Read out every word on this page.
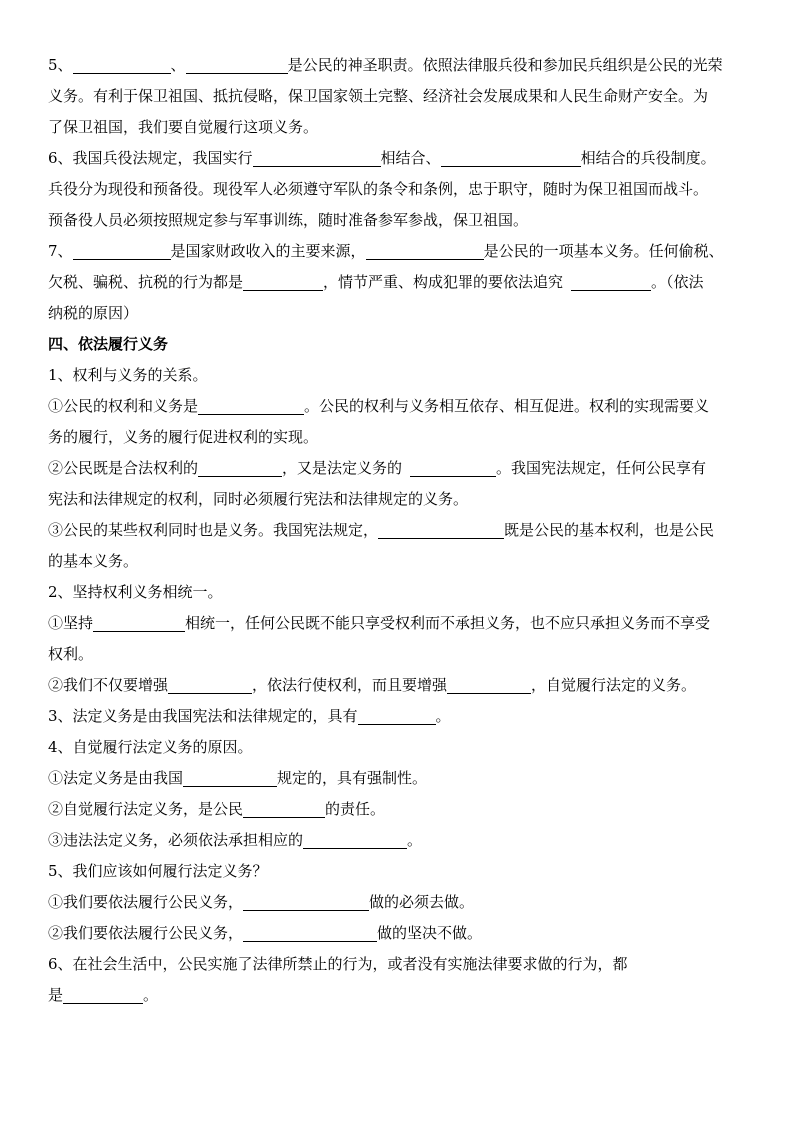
5、	、	是公民的神圣职责。依照法律服兵役和参加民兵组织是公民的光荣
义务。有利于保卫祖国、抵抗侵略，保卫国家领土完整、经济社会发展成果和人民生命财产安全。为
了保卫祖国，我们要自觉履行这项义务。
6、我国兵役法规定，我国实行	相结合、	相结合的兵役制度。
兵役分为现役和预备役。现役军人必须遵守军队的条令和条例，忠于职守，随时为保卫祖国而战斗。
预备役人员必须按照规定参与军事训练，随时准备参军参战，保卫祖国。
7、	是国家财政收入的主要来源，	是公民的一项基本义务。任何偷税、
欠税、骗税、抗税的行为都是	，情节严重、构成犯罪的要依法追究	。（依法
纳税的原因）
四、依法履行义务
1、权利与义务的关系。
①公民的权利和义务是	。公民的权利与义务相互依存、相互促进。权利的实现需要义
务的履行，义务的履行促进权利的实现。
②公民既是合法权利的	，又是法定义务的	。我国宪法规定，任何公民享有
宪法和法律规定的权利，同时必须履行宪法和法律规定的义务。
③公民的某些权利同时也是义务。我国宪法规定，	既是公民的基本权利，也是公民
的基本义务。
2、坚持权利义务相统一。
①坚持	相统一，任何公民既不能只享受权利而不承担义务，也不应只承担义务而不享受
权利。
②我们不仅要增强	，依法行使权利，而且要增强	，自觉履行法定的义务。
3、法定义务是由我国宪法和法律规定的，具有	。
4、自觉履行法定义务的原因。
①法定义务是由我国	规定的，具有强制性。
②自觉履行法定义务，是公民	的责任。
③违法法定义务，必须依法承担相应的	。
5、我们应该如何履行法定义务？
①我们要依法履行公民义务，	做的必须去做。
②我们要依法履行公民义务，	做的坚决不做。
6、在社会生活中，公民实施了法律所禁止的行为，或者没有实施法律要求做的行为，都
是	。
